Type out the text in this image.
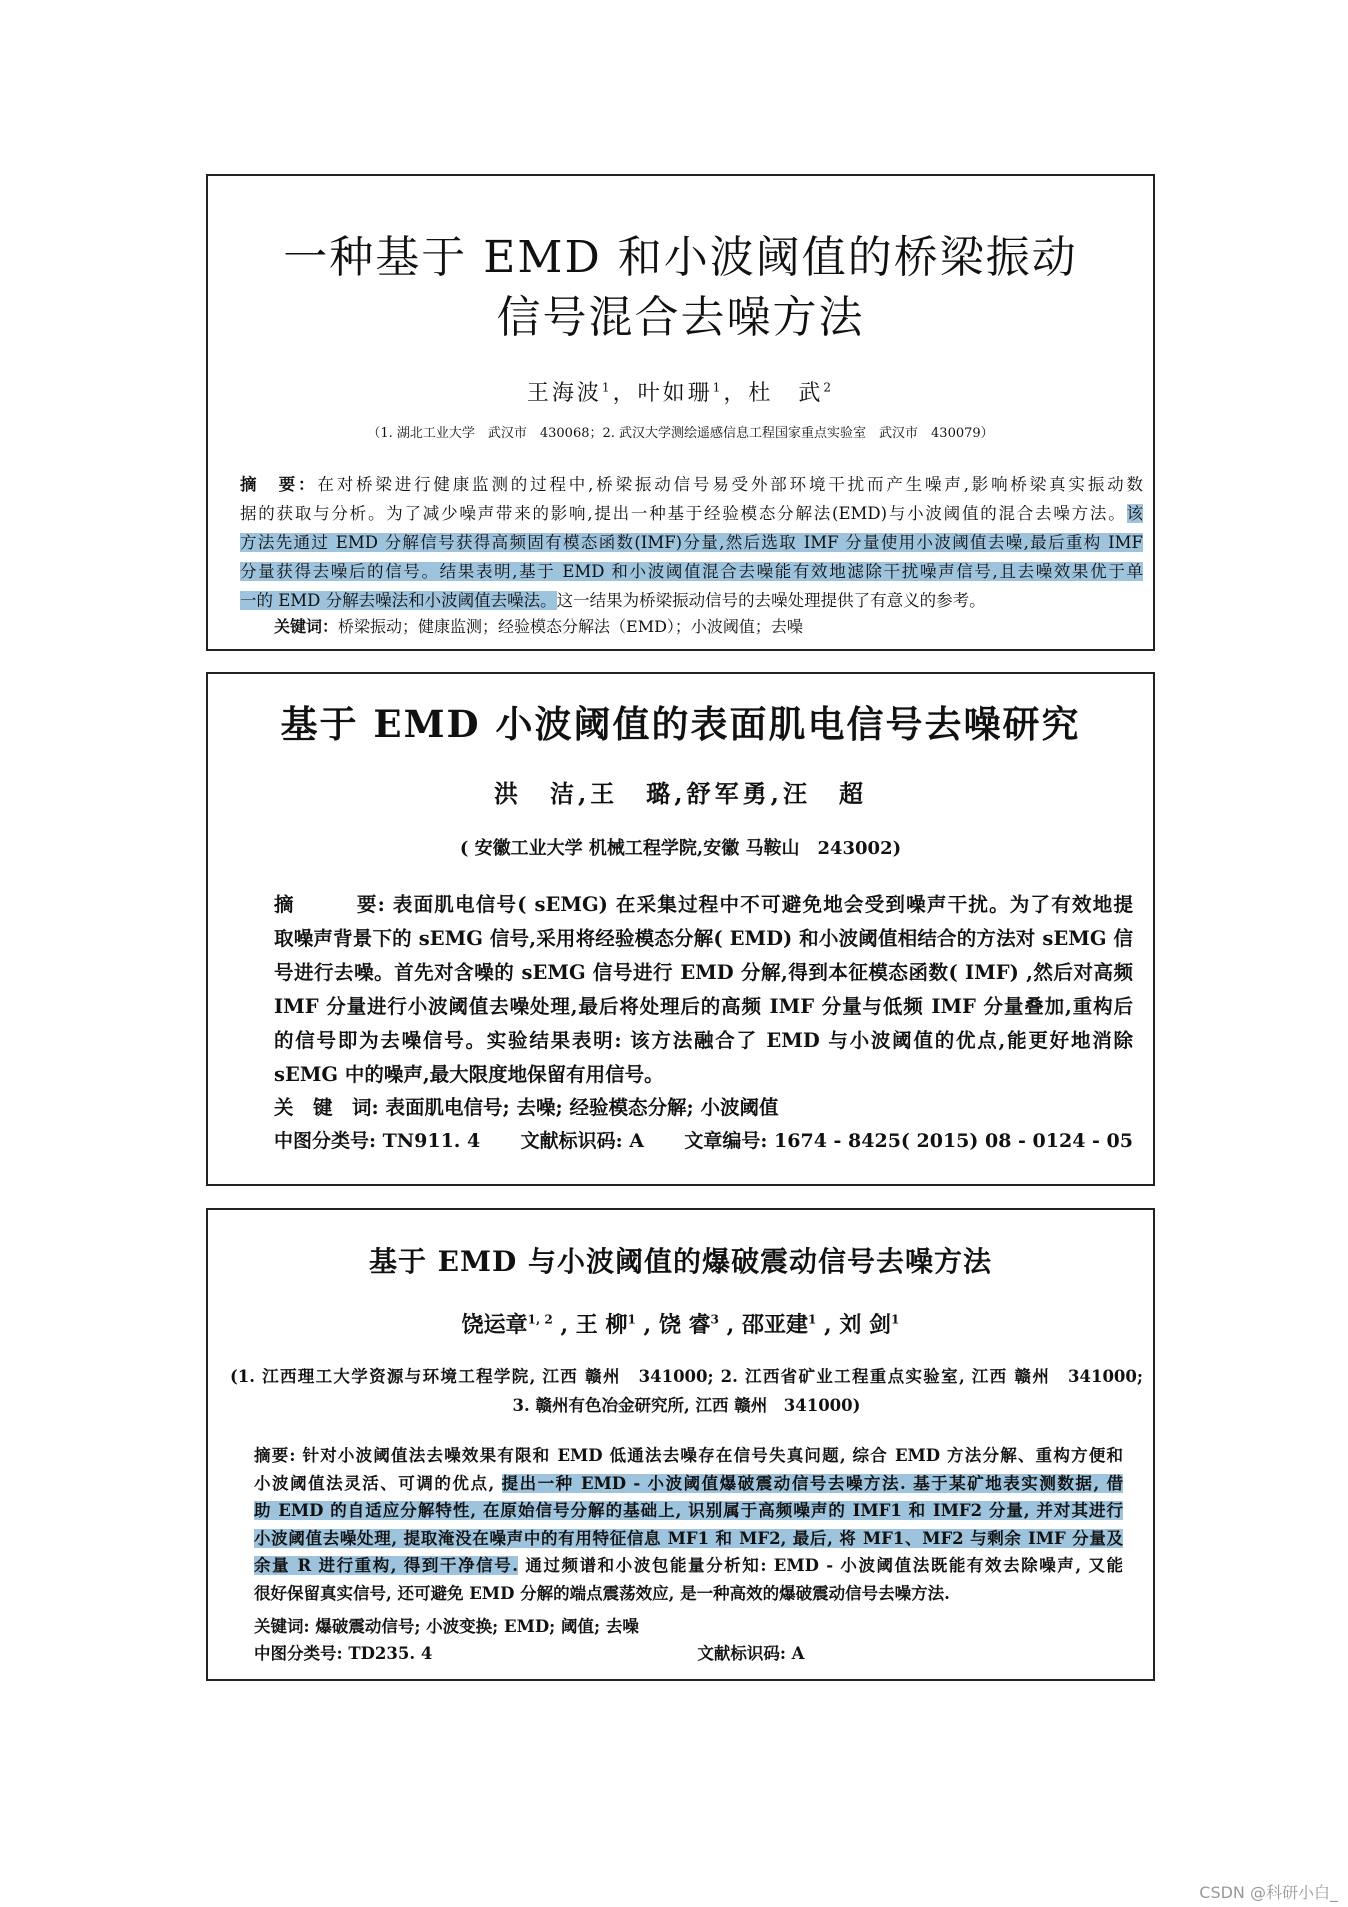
一种基于 EMD 和小波阈值的桥梁振动
信号混合去噪方法
王海波$^1$，叶如珊$^1$，杜　武$^2$
（1. 湖北工业大学　武汉市　430068；2. 武汉大学测绘遥感信息工程国家重点实验室　武汉市　430079）
摘　要：在对桥梁进行健康监测的过程中,桥梁振动信号易受外部环境干扰而产生噪声,影响桥梁真实振动数
据的获取与分析。为了减少噪声带来的影响,提出一种基于经验模态分解法(EMD)与小波阈值的混合去噪方法。该
方法先通过 EMD 分解信号获得高频固有模态函数(IMF)分量,然后选取 IMF 分量使用小波阈值去噪,最后重构 IMF
分量获得去噪后的信号。结果表明,基于 EMD 和小波阈值混合去噪能有效地滤除干扰噪声信号,且去噪效果优于单
一的 EMD 分解去噪法和小波阈值去噪法。这一结果为桥梁振动信号的去噪处理提供了有意义的参考。
关键词：桥梁振动；健康监测；经验模态分解法（EMD）；小波阈值；去噪
基于 EMD 小波阈值的表面肌电信号去噪研究
洪　洁,王　璐,舒军勇,汪　超
( 安徽工业大学 机械工程学院,安徽 马鞍山　243002)
摘　　　要: 表面肌电信号( sEMG) 在采集过程中不可避免地会受到噪声干扰。为了有效地提
取噪声背景下的 sEMG 信号,采用将经验模态分解( EMD) 和小波阈值相结合的方法对 sEMG 信
号进行去噪。首先对含噪的 sEMG 信号进行 EMD 分解,得到本征模态函数( IMF) ,然后对高频
IMF 分量进行小波阈值去噪处理,最后将处理后的高频 IMF 分量与低频 IMF 分量叠加,重构后
的信号即为去噪信号。实验结果表明: 该方法融合了 EMD 与小波阈值的优点,能更好地消除
sEMG 中的噪声,最大限度地保留有用信号。
关　键　词: 表面肌电信号; 去噪; 经验模态分解; 小波阈值
中图分类号: TN911. 4 文献标识码: A 文章编号: 1674 - 8425( 2015) 08 - 0124 - 05
基于 EMD 与小波阈值的爆破震动信号去噪方法
饶运章$^{1, 2}$ , 王 柳$^1$ , 饶 睿$^3$ , 邵亚建$^1$ , 刘 剑$^1$
(1. 江西理工大学资源与环境工程学院, 江西 赣州　341000; 2. 江西省矿业工程重点实验室, 江西 赣州　341000;
3. 赣州有色冶金研究所, 江西 赣州　341000)
摘要: 针对小波阈值法去噪效果有限和 EMD 低通法去噪存在信号失真问题, 综合 EMD 方法分解、重构方便和
小波阈值法灵活、可调的优点, 提出一种 EMD - 小波阈值爆破震动信号去噪方法. 基于某矿地表实测数据, 借
助 EMD 的自适应分解特性, 在原始信号分解的基础上, 识别属于高频噪声的 IMF1 和 IMF2 分量, 并对其进行
小波阈值去噪处理, 提取淹没在噪声中的有用特征信息 MF1 和 MF2, 最后, 将 MF1、MF2 与剩余 IMF 分量及
余量 R 进行重构, 得到干净信号. 通过频谱和小波包能量分析知: EMD - 小波阈值法既能有效去除噪声, 又能
很好保留真实信号, 还可避免 EMD 分解的端点震荡效应, 是一种高效的爆破震动信号去噪方法.
关键词: 爆破震动信号; 小波变换; EMD; 阈值; 去噪
中图分类号: TD235. 4	文献标识码: A
CSDN @科研小白_
